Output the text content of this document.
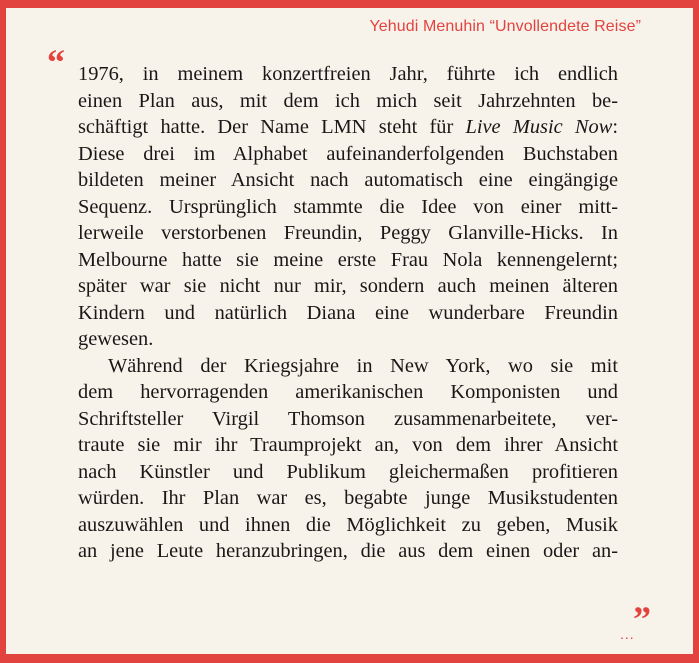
Yehudi Menuhin “Unvollendete Reise”
“ 1976, in meinem konzertfreien Jahr, führte ich endlich
einen Plan aus, mit dem ich mich seit Jahrzehnten be-
schäftigt hatte. Der Name LMN steht für Live Music Now:
Diese drei im Alphabet aufeinanderfolgenden Buchstaben
bildeten meiner Ansicht nach automatisch eine eingängige
Sequenz. Ursprünglich stammte die Idee von einer mitt-
lerweile verstorbenen Freundin, Peggy Glanville-Hicks. In
Melbourne hatte sie meine erste Frau Nola kennengelernt;
später war sie nicht nur mir, sondern auch meinen älteren
Kindern und natürlich Diana eine wunderbare Freundin
gewesen.
Während der Kriegsjahre in New York, wo sie mit
dem hervorragenden amerikanischen Komponisten und
Schriftsteller Virgil Thomson zusammenarbeitete, ver-
traute sie mir ihr Traumprojekt an, von dem ihrer Ansicht
nach Künstler und Publikum gleichermaßen profitieren
würden. Ihr Plan war es, begabte junge Musikstudenten
auszuwählen und ihnen die Möglichkeit zu geben, Musik
an jene Leute heranzubringen, die aus dem einen oder an-
...
”
